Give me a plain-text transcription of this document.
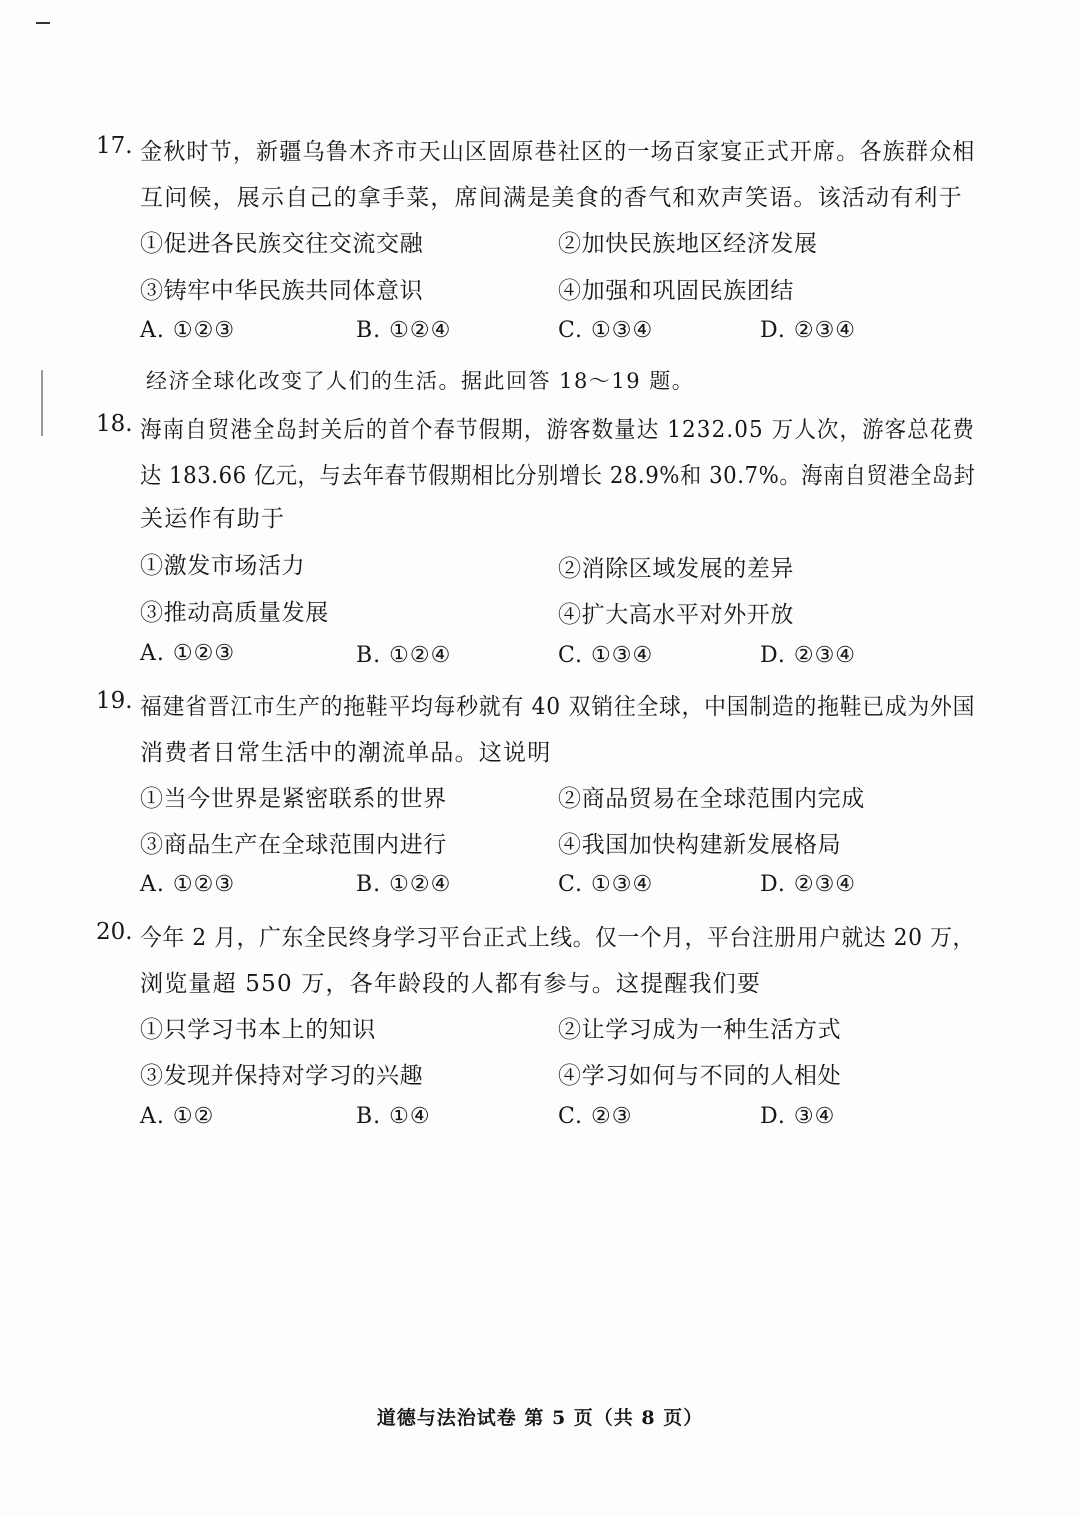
17. 金秋时节，新疆乌鲁木齐市天山区固原巷社区的一场百家宴正式开席。各族群众相
互问候，展示自己的拿手菜，席间满是美食的香气和欢声笑语。该活动有利于
①促进各民族交往交流交融	②加快民族地区经济发展
③铸牢中华民族共同体意识	④加强和巩固民族团结
A. ①②③	B. ①②④	C. ①③④	D. ②③④
经济全球化改变了人们的生活。据此回答 18～19 题。
18. 海南自贸港全岛封关后的首个春节假期，游客数量达 1232.05 万人次，游客总花费
达 183.66 亿元，与去年春节假期相比分别增长 28.9%和 30.7%。海南自贸港全岛封
关运作有助于
①激发市场活力	②消除区域发展的差异
③推动高质量发展	④扩大高水平对外开放
A. ①②③	B. ①②④	C. ①③④	D. ②③④
19. 福建省晋江市生产的拖鞋平均每秒就有 40 双销往全球，中国制造的拖鞋已成为外国
消费者日常生活中的潮流单品。这说明
①当今世界是紧密联系的世界	②商品贸易在全球范围内完成
③商品生产在全球范围内进行	④我国加快构建新发展格局
A. ①②③	B. ①②④	C. ①③④	D. ②③④
20. 今年 2 月，广东全民终身学习平台正式上线。仅一个月，平台注册用户就达 20 万，
浏览量超 550 万，各年龄段的人都有参与。这提醒我们要
①只学习书本上的知识	②让学习成为一种生活方式
③发现并保持对学习的兴趣	④学习如何与不同的人相处
A. ①②	B. ①④	C. ②③	D. ③④
道德与法治试卷 第 5 页（共 8 页）
